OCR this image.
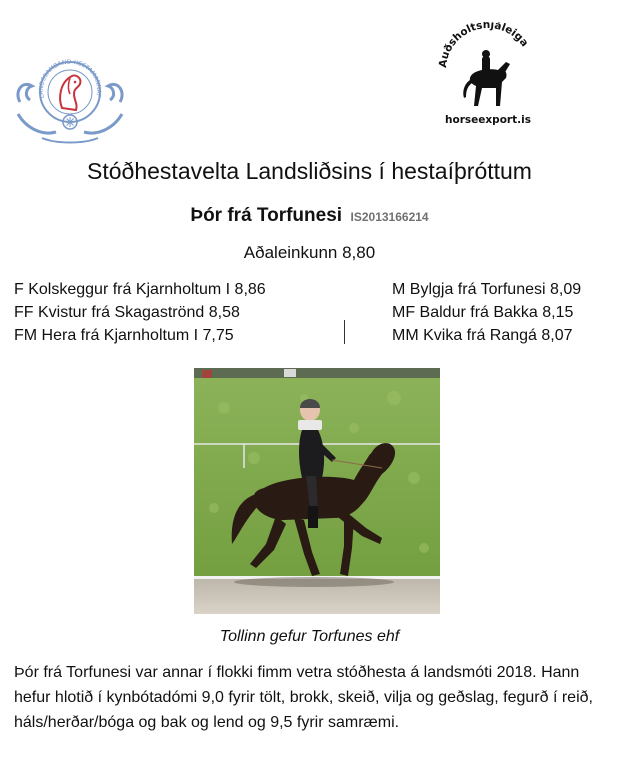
LANDSSAMBAND HESTAMANNAF
Auðsholtshjáleiga
horseexport.is
Stóðhestavelta Landsliðsins í hestaíþróttum
Þór frá Torfunesi IS2013166214
Aðaleinkunn 8,80
F Kolskeggur frá Kjarnholtum I 8,86
FF Kvistur frá Skagaströnd 8,58
FM Hera frá Kjarnholtum I 7,75
M Bylgja frá Torfunesi 8,09
MF Baldur frá Bakka 8,15
MM Kvika frá Rangá 8,07
Tollinn gefur Torfunes ehf
Þór frá Torfunesi var annar í flokki fimm vetra stóðhesta á landsmóti 2018. Hann hefur hlotið í kynbótadómi 9,0 fyrir tölt, brokk, skeið, vilja og geðslag, fegurð í reið, háls/herðar/bóga og bak og lend og 9,5 fyrir samræmi.
